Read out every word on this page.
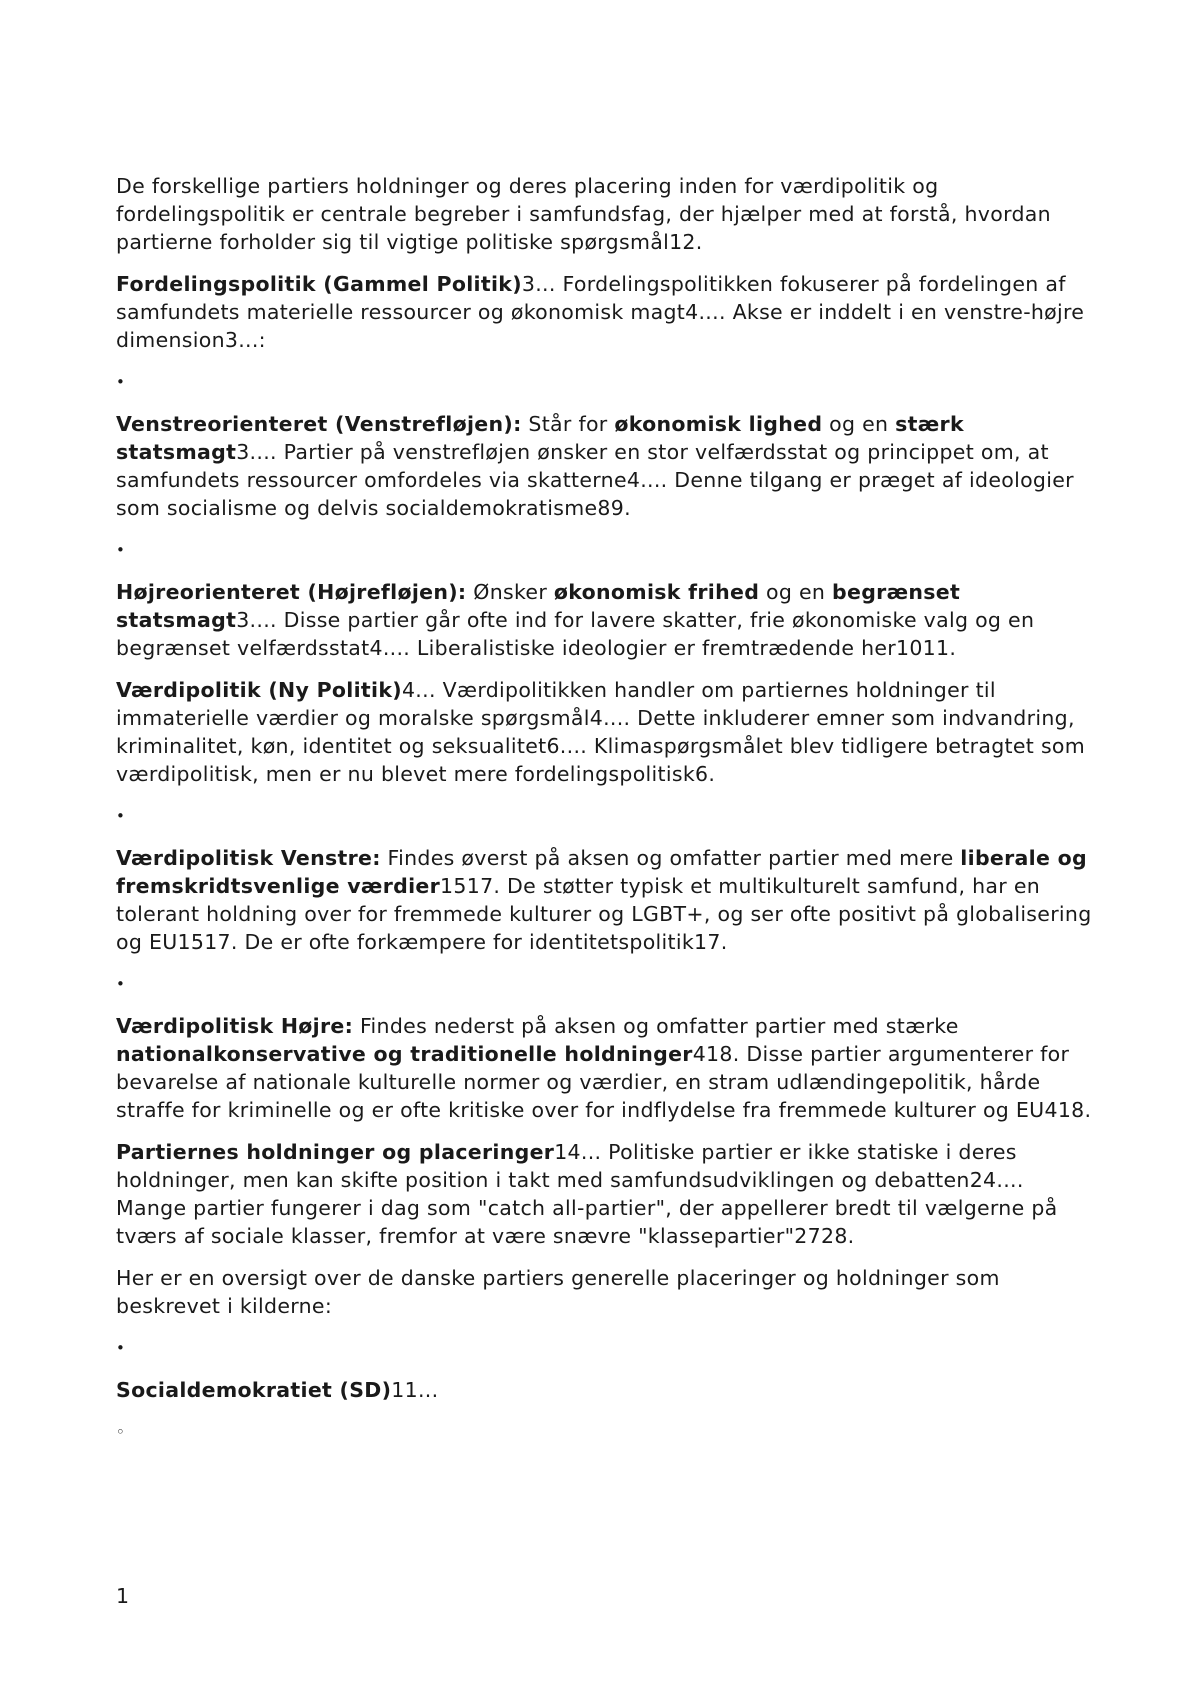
De forskellige partiers holdninger og deres placering inden for værdipolitik og fordelingspolitik er centrale begreber i samfundsfag, der hjælper med at forstå, hvordan partierne forholder sig til vigtige politiske spørgsmål12.

Fordelingspolitik (Gammel Politik)3... Fordelingspolitikken fokuserer på fordelingen af samfundets materielle ressourcer og økonomisk magt4.... Akse er inddelt i en venstre-højre dimension3...:

•

Venstreorienteret (Venstrefløjen): Står for økonomisk lighed og en stærk statsmagt3.... Partier på venstrefløjen ønsker en stor velfærdsstat og princippet om, at samfundets ressourcer omfordeles via skatterne4.... Denne tilgang er præget af ideologier som socialisme og delvis socialdemokratisme89.

•

Højreorienteret (Højrefløjen): Ønsker økonomisk frihed og en begrænset statsmagt3.... Disse partier går ofte ind for lavere skatter, frie økonomiske valg og en begrænset velfærdsstat4.... Liberalistiske ideologier er fremtrædende her1011.

Værdipolitik (Ny Politik)4... Værdipolitikken handler om partiernes holdninger til immaterielle værdier og moralske spørgsmål4.... Dette inkluderer emner som indvandring, kriminalitet, køn, identitet og seksualitet6.... Klimaspørgsmålet blev tidligere betragtet som værdipolitisk, men er nu blevet mere fordelingspolitisk6.

•

Værdipolitisk Venstre: Findes øverst på aksen og omfatter partier med mere liberale og fremskridtsvenlige værdier1517. De støtter typisk et multikulturelt samfund, har en tolerant holdning over for fremmede kulturer og LGBT+, og ser ofte positivt på globalisering og EU1517. De er ofte forkæmpere for identitetspolitik17.

•

Værdipolitisk Højre: Findes nederst på aksen og omfatter partier med stærke nationalkonservative og traditionelle holdninger418. Disse partier argumenterer for bevarelse af nationale kulturelle normer og værdier, en stram udlændingepolitik, hårde straffe for kriminelle og er ofte kritiske over for indflydelse fra fremmede kulturer og EU418.

Partiernes holdninger og placeringer14... Politiske partier er ikke statiske i deres holdninger, men kan skifte position i takt med samfundsudviklingen og debatten24.... Mange partier fungerer i dag som "catch all-partier", der appellerer bredt til vælgerne på tværs af sociale klasser, fremfor at være snævre "klassepartier"2728.

Her er en oversigt over de danske partiers generelle placeringer og holdninger som beskrevet i kilderne:

•

Socialdemokratiet (SD)11...

◦
1
